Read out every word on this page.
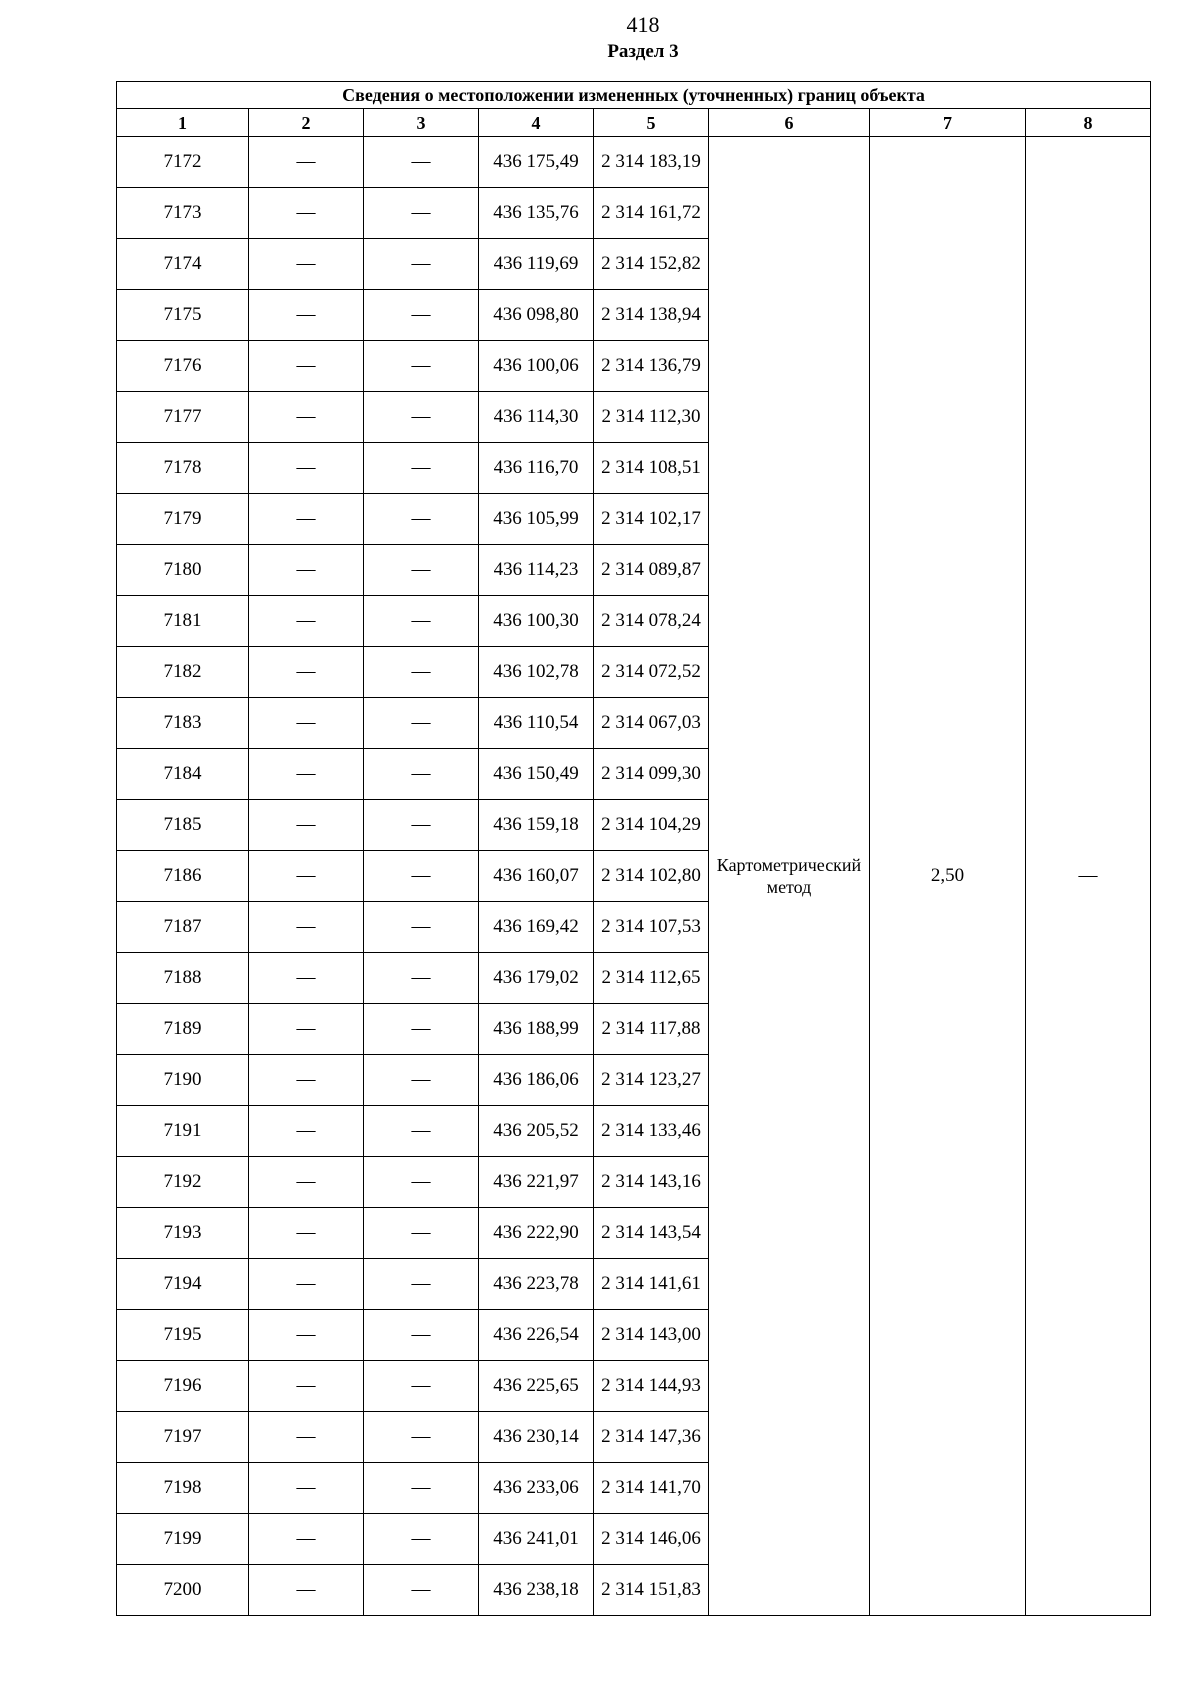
418
Раздел 3
Сведения о местоположении измененных (уточненных) границ объекта							
1	2	3	4	5	6	7	8
7172	—	—	436 175,49	2 314 183,19	Картометрический метод	2,50	—
7173	—	—	436 135,76	2 314 161,72			
7174	—	—	436 119,69	2 314 152,82			
7175	—	—	436 098,80	2 314 138,94			
7176	—	—	436 100,06	2 314 136,79			
7177	—	—	436 114,30	2 314 112,30			
7178	—	—	436 116,70	2 314 108,51			
7179	—	—	436 105,99	2 314 102,17			
7180	—	—	436 114,23	2 314 089,87			
7181	—	—	436 100,30	2 314 078,24			
7182	—	—	436 102,78	2 314 072,52			
7183	—	—	436 110,54	2 314 067,03			
7184	—	—	436 150,49	2 314 099,30			
7185	—	—	436 159,18	2 314 104,29			
7186	—	—	436 160,07	2 314 102,80			
7187	—	—	436 169,42	2 314 107,53			
7188	—	—	436 179,02	2 314 112,65			
7189	—	—	436 188,99	2 314 117,88			
7190	—	—	436 186,06	2 314 123,27			
7191	—	—	436 205,52	2 314 133,46			
7192	—	—	436 221,97	2 314 143,16			
7193	—	—	436 222,90	2 314 143,54			
7194	—	—	436 223,78	2 314 141,61			
7195	—	—	436 226,54	2 314 143,00			
7196	—	—	436 225,65	2 314 144,93			
7197	—	—	436 230,14	2 314 147,36			
7198	—	—	436 233,06	2 314 141,70			
7199	—	—	436 241,01	2 314 146,06			
7200	—	—	436 238,18	2 314 151,83			
